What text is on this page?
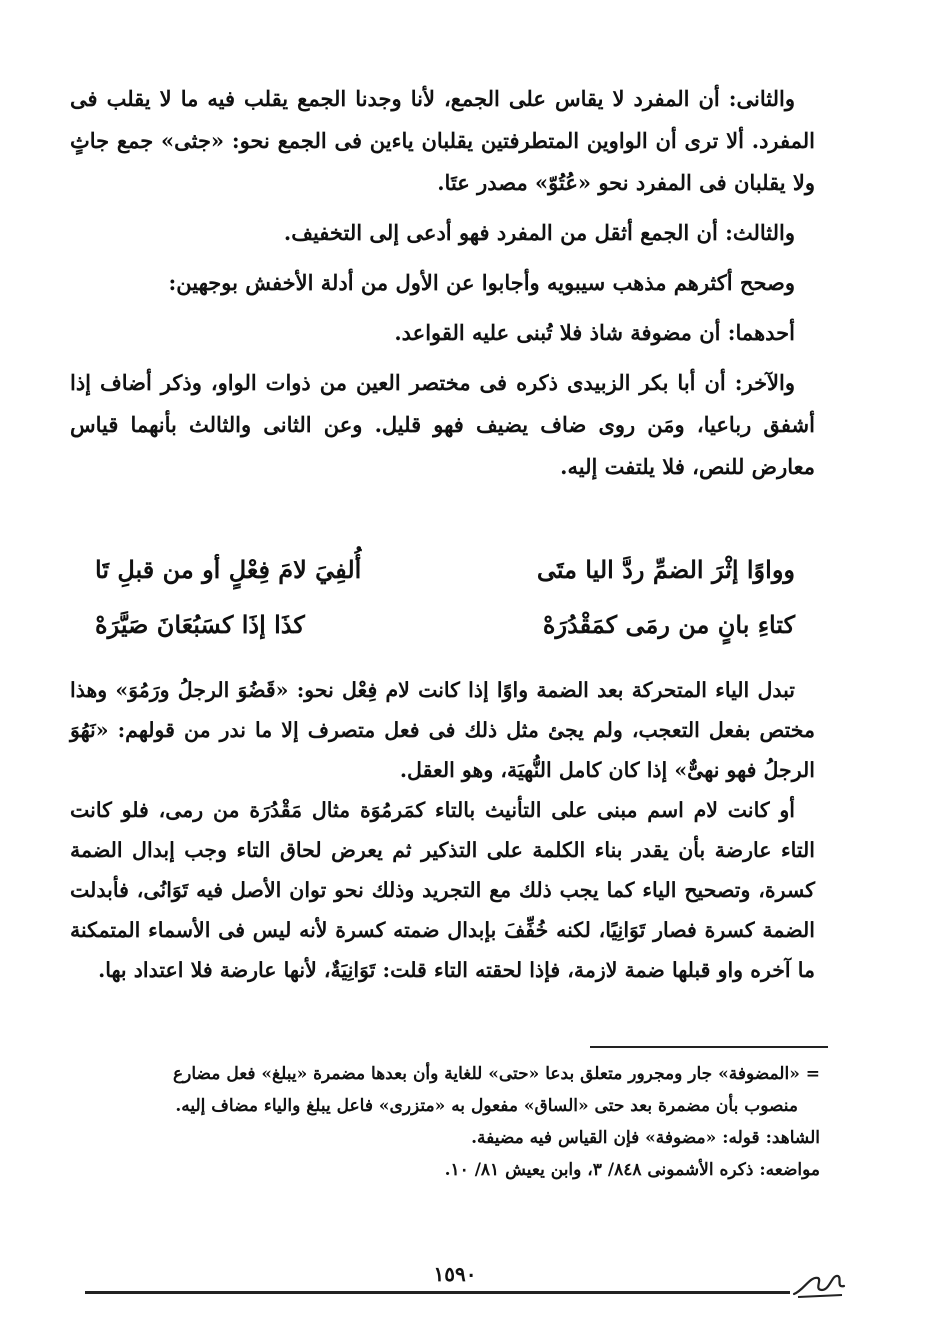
والثانى: أن المفرد لا يقاس على الجمع، لأنا وجدنا الجمع يقلب فيه ما لا يقلب فى المفرد. ألا ترى أن الواوين المتطرفتين يقلبان ياءين فى الجمع نحو: «جثى» جمع جاثٍ ولا يقلبان فى المفرد نحو «عُتُوّ» مصدر عتَا.

والثالث: أن الجمع أثقل من المفرد فهو أدعى إلى التخفيف.

وصحح أكثرهم مذهب سيبويه وأجابوا عن الأول من أدلة الأخفش بوجهين:

أحدهما: أن مضوفة شاذ فلا تُبنى عليه القواعد.

والآخر: أن أبا بكر الزبيدى ذكره فى مختصر العين من ذوات الواو، وذكر أضاف إذا أشفق رباعيا، ومَن روى ضاف يضيف فهو قليل. وعن الثانى والثالث بأنهما قياس معارض للنص، فلا يلتفت إليه.

وواوًا إثْرَ الضمِّ ردَّ اليا متَى
أُلفِيَ لامَ فِعْلٍ أو من قبلِ تَا
كتاءِ بانٍ من رمَى كمَقْدُرَهْ
كذَا إذَا كسَبُعَانَ صَيَّرَهْ

تبدل الياء المتحركة بعد الضمة واوًا إذا كانت لام فِعْل نحو: «قَضُوَ الرجلُ ورَمُوَ» وهذا مختص بفعل التعجب، ولم يجئ مثل ذلك فى فعل متصرف إلا ما ندر من قولهم: «نَهُوَ الرجلُ فهو نهىٌّ» إذا كان كامل النُّهيَة، وهو العقل.

أو كانت لام اسم مبنى على التأنيث بالتاء كمَرمُوَة مثال مَقْدُرَة من رمى، فلو كانت التاء عارضة بأن يقدر بناء الكلمة على التذكير ثم يعرض لحاق التاء وجب إبدال الضمة كسرة، وتصحيح الياء كما يجب ذلك مع التجريد وذلك نحو توان الأصل فيه تَوَانُى، فأبدلت الضمة كسرة فصار تَوَانِيًا، لكنه خُفِّفَ بإبدال ضمته كسرة لأنه ليس فى الأسماء المتمكنة ما آخره واو قبلها ضمة لازمة، فإذا لحقته التاء قلت: تَوَانِيَةٌ، لأنها عارضة فلا اعتداد بها.

= «المضوفة» جار ومجرور متعلق بدعا «حتى» للغاية وأن بعدها مضمرة «يبلغ» فعل مضارع

منصوب بأن مضمرة بعد حتى «الساق» مفعول به «متزرى» فاعل يبلغ والياء مضاف إليه.

الشاهد: قوله: «مضوفة» فإن القياس فيه مضيفة.

مواضعه: ذكره الأشمونى ٨٤٨/ ٣، وابن يعيش ٨١/ ١٠.

١٥٩٠
